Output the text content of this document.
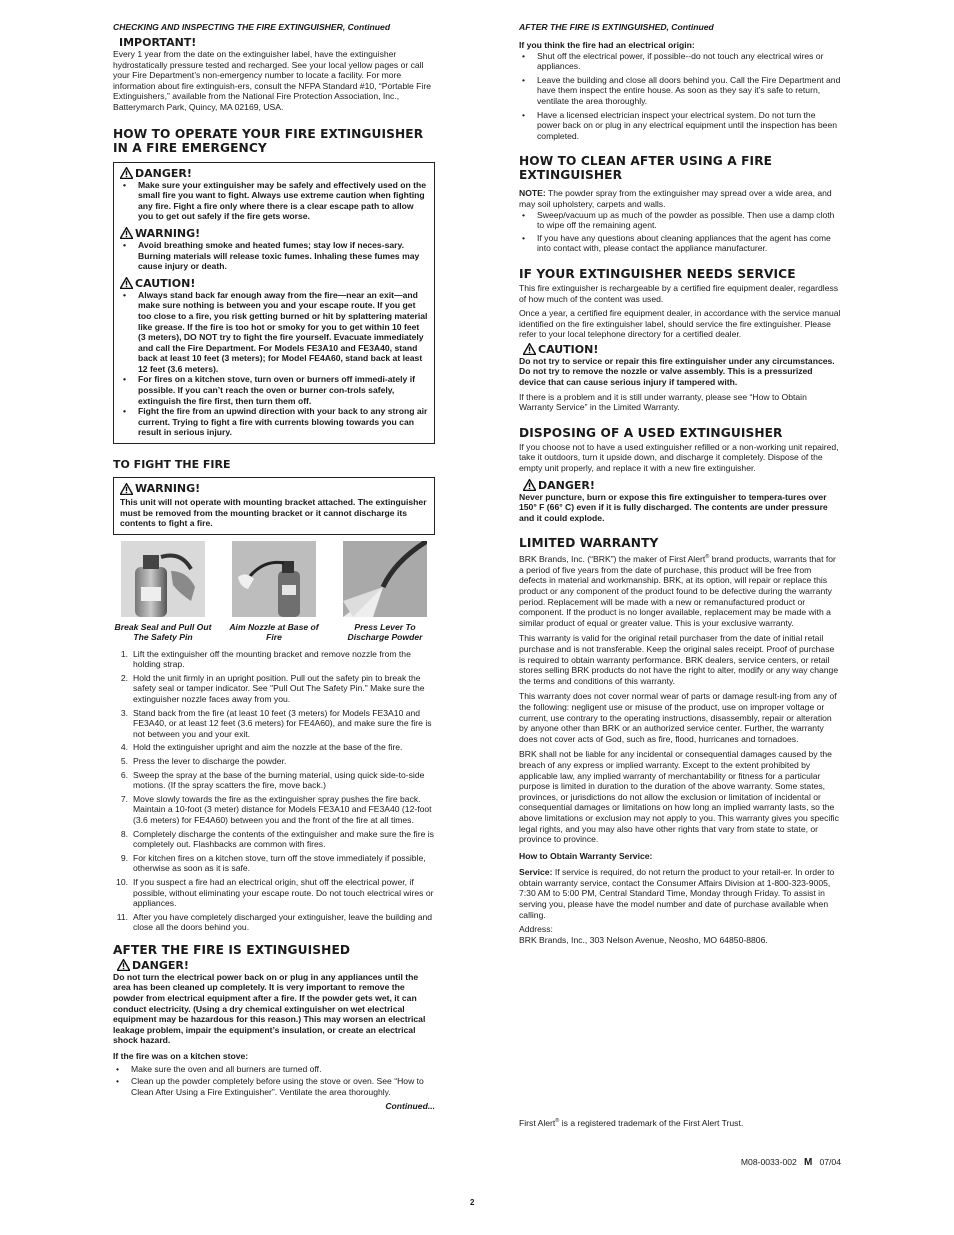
CHECKING AND INSPECTING THE FIRE EXTINGUISHER, Continued

IMPORTANT!

Every 1 year from the date on the extinguisher label, have the extinguisher hydrostatically pressure tested and recharged. See your local yellow pages or call your Fire Department’s non-emergency number to locate a facility. For more information about fire extinguish-ers, consult the NFPA Standard #10, “Portable Fire Extinguishers,” available from the National Fire Protection Association, Inc., Batterymarch Park, Quincy, MA 02169, USA.

HOW TO OPERATE YOUR FIRE EXTINGUISHER IN A FIRE EMERGENCY
DANGER!
• Make sure your extinguisher may be safely and effectively used on the small fire you want to fight. Always use extreme caution when fighting any fire. Fight a fire only where there is a clear escape path to allow you to get out safely if the fire gets worse.
WARNING!
• Avoid breathing smoke and heated fumes; stay low if neces-sary. Burning materials will release toxic fumes. Inhaling these fumes may cause injury or death.
CAUTION!
• Always stand back far enough away from the fire—near an exit—and make sure nothing is between you and your escape route. If you get too close to a fire, you risk getting burned or hit by splattering material like grease. If the fire is too hot or smoky for you to get within 10 feet (3 meters), DO NOT try to fight the fire yourself. Evacuate immediately and call the Fire Department. For Models FE3A10 and FE3A40, stand back at least 10 feet (3 meters); for Model FE4A60, stand back at least 12 feet (3.6 meters).
• For fires on a kitchen stove, turn oven or burners off immedi-ately if possible. If you can’t reach the oven or burner con-trols safely, extinguish the fire first, then turn them off.
• Fight the fire from an upwind direction with your back to any strong air current. Trying to fight a fire with currents blowing towards you can result in serious injury.
TO FIGHT THE FIRE
WARNING!

This unit will not operate with mounting bracket attached. The extinguisher must be removed from the mounting bracket or it cannot discharge its contents to fight a fire.

Break Seal and Pull Out The Safety Pin

Aim Nozzle at Base of Fire

Press Lever To Discharge Powder

1. Lift the extinguisher off the mounting bracket and remove nozzle from the holding strap.
2. Hold the unit firmly in an upright position. Pull out the safety pin to break the safety seal or tamper indicator. See "Pull Out The Safety Pin." Make sure the extinguisher nozzle faces away from you.
3. Stand back from the fire (at least 10 feet (3 meters) for Models FE3A10 and FE3A40, or at least 12 feet (3.6 meters) for FE4A60), and make sure the fire is not between you and your exit.
4. Hold the extinguisher upright and aim the nozzle at the base of the fire.
5. Press the lever to discharge the powder.
6. Sweep the spray at the base of the burning material, using quick side-to-side motions. (If the spray scatters the fire, move back.)
7. Move slowly towards the fire as the extinguisher spray pushes the fire back. Maintain a 10-foot (3 meter) distance for Models FE3A10 and FE3A40 (12-foot (3.6 meters) for FE4A60) between you and the front of the fire at all times.
8. Completely discharge the contents of the extinguisher and make sure the fire is completely out. Flashbacks are common with fires.
9. For kitchen fires on a kitchen stove, turn off the stove immediately if possible, otherwise as soon as it is safe.
10. If you suspect a fire had an electrical origin, shut off the electrical power, if possible, without eliminating your escape route. Do not touch electrical wires or appliances.
11. After you have completely discharged your extinguisher, leave the building and close all the doors behind you.
AFTER THE FIRE IS EXTINGUISHED
DANGER!

Do not turn the electrical power back on or plug in any appliances until the area has been cleaned up completely. It is very important to remove the powder from electrical equipment after a fire. If the powder gets wet, it can conduct electricity. (Using a dry chemical extinguisher on wet electrical equipment may be hazardous for this reason.) This may worsen an electrical leakage problem, impair the equipment’s insulation, or create an electrical shock hazard.

If the fire was on a kitchen stove:

• Make sure the oven and all burners are turned off.
• Clean up the powder completely before using the stove or oven. See “How to Clean After Using a Fire Extinguisher”. Ventilate the area thoroughly.

Continued...

AFTER THE FIRE IS EXTINGUISHED, Continued

If you think the fire had an electrical origin:

• Shut off the electrical power, if possible--do not touch any electrical wires or appliances.
• Leave the building and close all doors behind you. Call the Fire Department and have them inspect the entire house. As soon as they say it’s safe to return, ventilate the area thoroughly.
• Have a licensed electrician inspect your electrical system. Do not turn the power back on or plug in any electrical equipment until the inspection has been completed.
HOW TO CLEAN AFTER USING A FIRE EXTINGUISHER

NOTE: The powder spray from the extinguisher may spread over a wide area, and may soil upholstery, carpets and walls.

• Sweep/vacuum up as much of the powder as possible. Then use a damp cloth to wipe off the remaining agent.
• If you have any questions about cleaning appliances that the agent has come into contact with, please contact the appliance manufacturer.
IF YOUR EXTINGUISHER NEEDS SERVICE

This fire extinguisher is rechargeable by a certified fire equipment dealer, regardless of how much of the content was used.

Once a year, a certified fire equipment dealer, in accordance with the service manual identified on the fire extinguisher label, should service the fire extinguisher. Please refer to your local telephone directory for a certified dealer.

CAUTION!

Do not try to service or repair this fire extinguisher under any circumstances. Do not try to remove the nozzle or valve assembly. This is a pressurized device that can cause serious injury if tampered with.

If there is a problem and it is still under warranty, please see “How to Obtain Warranty Service” in the Limited Warranty.

DISPOSING OF A USED EXTINGUISHER

If you choose not to have a used extinguisher refilled or a non-working unit repaired, take it outdoors, turn it upside down, and discharge it completely. Dispose of the empty unit properly, and replace it with a new fire extinguisher.

DANGER!

Never puncture, burn or expose this fire extinguisher to tempera-tures over 150° F (66° C) even if it is fully discharged. The contents are under pressure and it could explode.

LIMITED WARRANTY

BRK Brands, Inc. (“BRK”) the maker of First Alert® brand products, warrants that for a period of five years from the date of purchase, this product will be free from defects in material and workmanship. BRK, at its option, will repair or replace this product or any component of the product found to be defective during the warranty period. Replacement will be made with a new or remanufactured product or component. If the product is no longer available, replacement may be made with a similar product of equal or greater value. This is your exclusive warranty.

This warranty is valid for the original retail purchaser from the date of initial retail purchase and is not transferable. Keep the original sales receipt. Proof of purchase is required to obtain warranty performance. BRK dealers, service centers, or retail stores selling BRK products do not have the right to alter, modify or any way change the terms and conditions of this warranty.

This warranty does not cover normal wear of parts or damage result-ing from any of the following: negligent use or misuse of the product, use on improper voltage or current, use contrary to the operating instructions, disassembly, repair or alteration by anyone other than BRK or an authorized service center. Further, the warranty does not cover acts of God, such as fire, flood, hurricanes and tornadoes.

BRK shall not be liable for any incidental or consequential damages caused by the breach of any express or implied warranty. Except to the extent prohibited by applicable law, any implied warranty of merchantability or fitness for a particular purpose is limited in duration to the duration of the above warranty. Some states, provinces, or jurisdictions do not allow the exclusion or limitation of incidental or consequential damages or limitations on how long an implied warranty lasts, so the above limitations or exclusion may not apply to you. This warranty gives you specific legal rights, and you may also have other rights that vary from state to state, or province to province.

How to Obtain Warranty Service:

Service: If service is required, do not return the product to your retail-er. In order to obtain warranty service, contact the Consumer Affairs Division at 1-800-323-9005, 7:30 AM to 5:00 PM, Central Standard Time, Monday through Friday. To assist in serving you, please have the model number and date of purchase available when calling.

Address:

BRK Brands, Inc., 303 Nelson Avenue, Neosho, MO 64850-8806.

First Alert® is a registered trademark of the First Alert Trust.

M08-0033-002 M 07/04

2
